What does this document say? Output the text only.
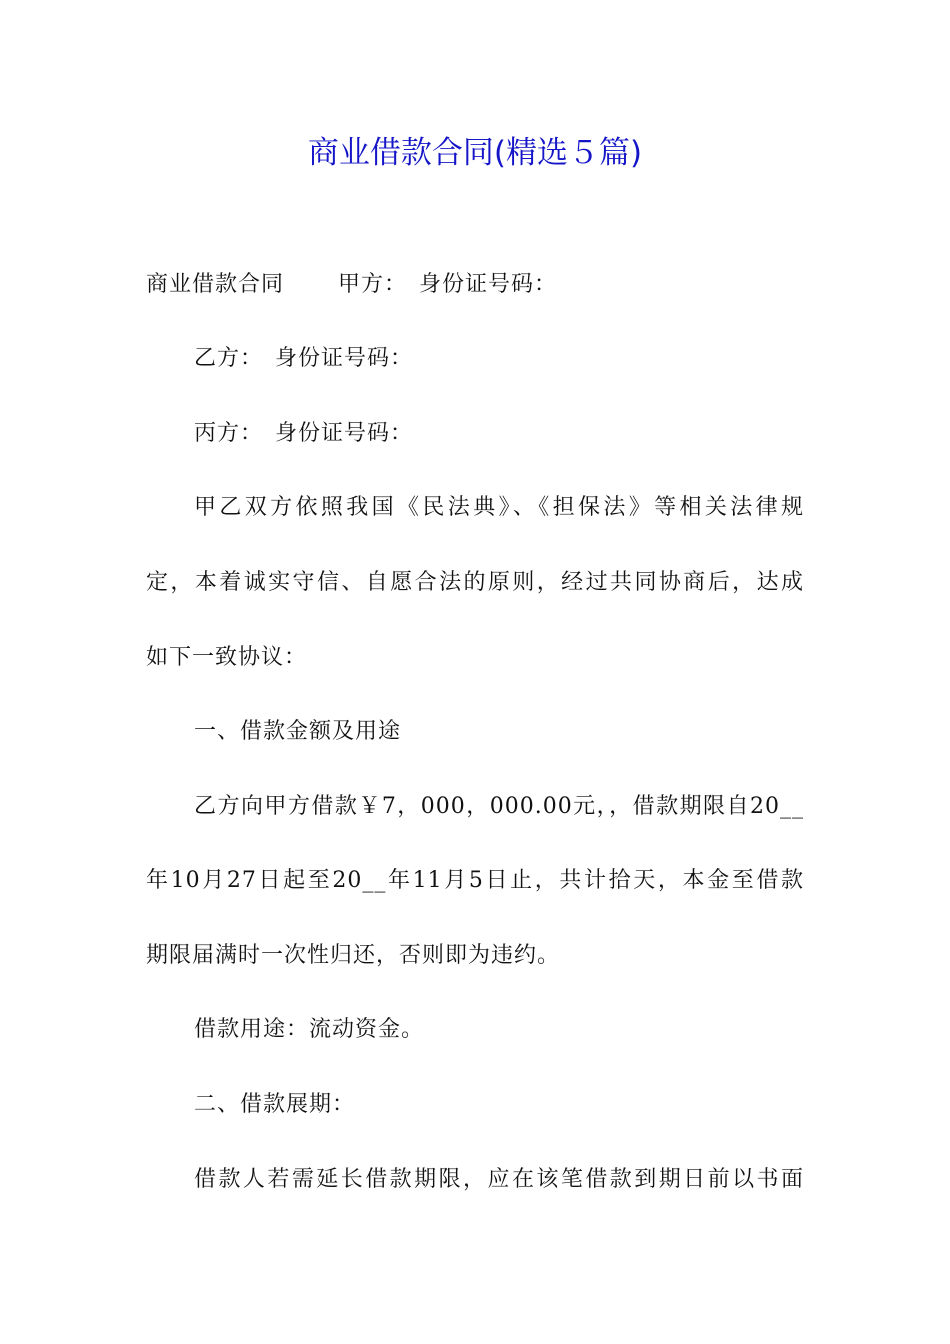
商业借款合同(精选５篇)
商业借款合同　　 甲方：　身份证号码：
乙方：　身份证号码：
丙方：　身份证号码：
甲乙双方依照我国《民法典》、《担保法》等相关法律规
定，本着诚实守信、自愿合法的原则，经过共同协商后，达成
如下一致协议：
一、借款金额及用途
乙方向甲方借款￥7，000，000.00元，，借款期限自20__
年10月27日起至20__年11月5日止，共计拾天，本金至借款
期限届满时一次性归还，否则即为违约。
借款用途：流动资金。
二、借款展期：
借款人若需延长借款期限，应在该笔借款到期日前以书面
